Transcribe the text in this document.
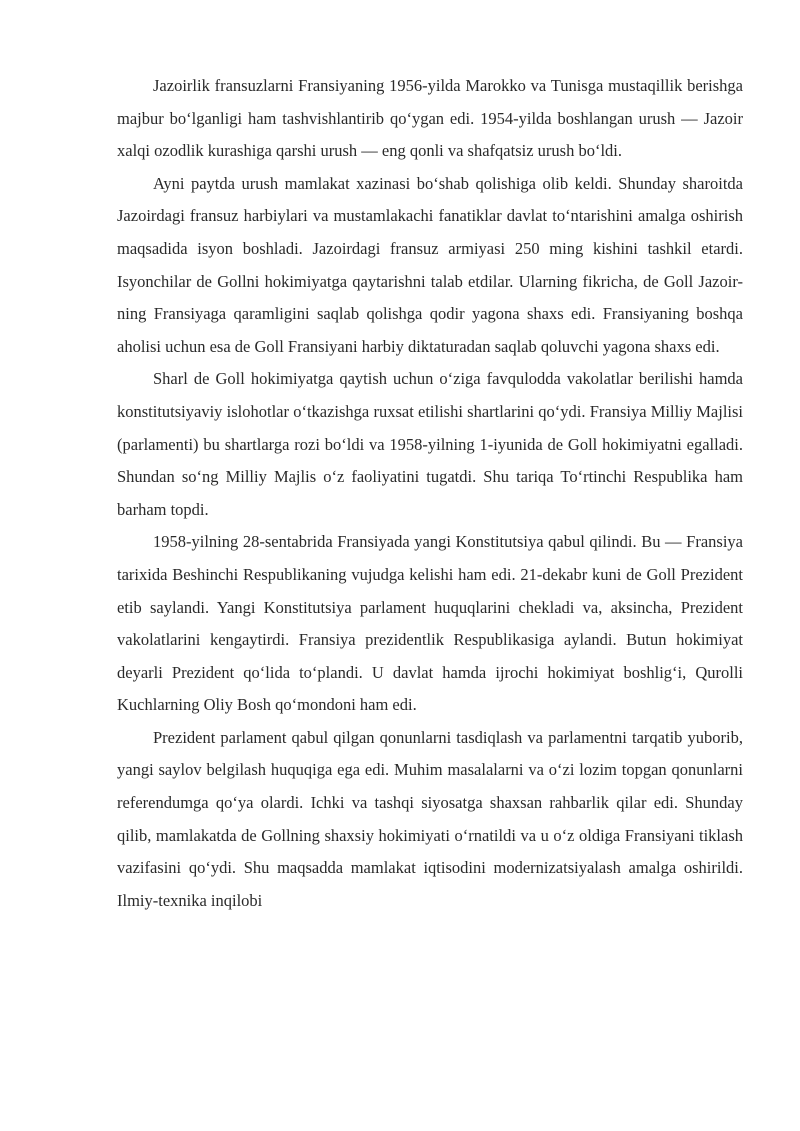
Jazoirlik fransuzlarni Fransiyaning 1956-yilda Marokko va Tunisga mustaqillik berishga majbur bo‘lganligi ham tashvishlantirib qo‘ygan edi. 1954-yilda boshlangan urush — Jazoir xalqi ozodlik kurashiga qarshi urush — eng qonli va shafqatsiz urush bo‘ldi.

Ayni paytda urush mamlakat xazinasi bo‘shab qolishiga olib keldi. Shunday sharoitda Jazoirdagi fransuz harbiylari va mustamlakachi fanatiklar davlat to‘ntarishini amalga oshirish maqsadida isyon boshladi. Jazoirdagi fransuz armiyasi 250 ming kishini tashkil etardi. Isyonchilar de Gollni hokimiyatga qaytarishni talab etdilar. Ularning fikricha, de Goll Jazoir- ning Fransiyaga qaramligini saqlab qolishga qodir yagona shaxs edi. Fransiyaning boshqa aholisi uchun esa de Goll Fransiyani harbiy diktaturadan saqlab qoluvchi yagona shaxs edi.

Sharl de Goll hokimiyatga qaytish uchun o‘ziga favqulodda vakolatlar berilishi hamda konstitutsiyaviy islohotlar o‘tkazishga ruxsat etilishi shartlarini qo‘ydi. Fransiya Milliy Majlisi (parlamenti) bu shartlarga rozi bo‘ldi va 1958-yilning 1-iyunida de Goll hokimiyatni egalladi. Shundan so‘ng Milliy Majlis o‘z faoliyatini tugatdi. Shu tariqa To‘rtinchi Respublika ham barham topdi.

1958-yilning 28-sentabrida Fransiyada yangi Konstitutsiya qabul qilindi. Bu — Fransiya tarixida Beshinchi Respublikaning vujudga kelishi ham edi. 21-dekabr kuni de Goll Prezident etib saylandi. Yangi Konstitutsiya parlament huquqlarini chekladi va, aksincha, Prezident vakolatlarini kengaytirdi. Fransiya prezidentlik Respublikasiga aylandi. Butun hokimiyat deyarli Prezident qo‘lida to‘plandi. U davlat hamda ijrochi hokimiyat boshlig‘i, Qurolli Kuchlarning Oliy Bosh qo‘mondoni ham edi.

Prezident parlament qabul qilgan qonunlarni tasdiqlash va parlamentni tarqatib yuborib, yangi saylov belgilash huquqiga ega edi. Muhim masalalarni va o‘zi lozim topgan qonunlarni referendumga qo‘ya olardi. Ichki va tashqi siyosatga shaxsan rahbarlik qilar edi. Shunday qilib, mamlakatda de Gollning shaxsiy hokimiyati o‘rnatildi va u o‘z oldiga Fransiyani tiklash vazifasini qo‘ydi. Shu maqsadda mamlakat iqtisodini modernizatsiyalash amalga oshirildi. Ilmiy-texnika inqilobi
